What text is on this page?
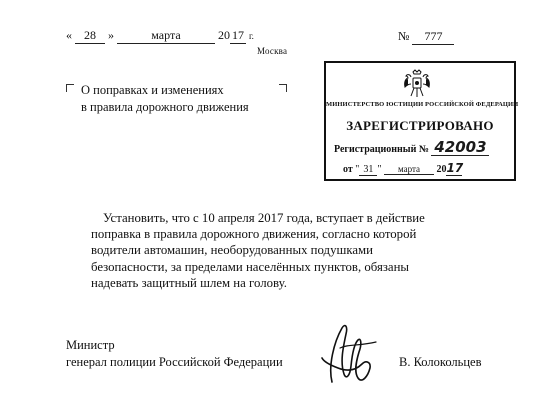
« 28 »	марта	20 17 г.
Москва
№ 777
О поправках и изменениях
в правила дорожного движения	МИНИСТЕРСТВО ЮСТИЦИИ РОССИЙСКОЙ ФЕДЕРАЦИИ
ЗАРЕГИСТРИРОВАНО
Регистрационный № 42003
от " 31 " марта 2017
Установить, что с 10 апреля 2017 года, вступает в действие
поправка в правила дорожного движения, согласно которой
водители автомашин, необорудованных подушками
безопасности, за пределами населённых пунктов, обязаны
надевать защитный шлем на голову.
Министр
генерал полиции Российской Федерации	В. Колокольцев
